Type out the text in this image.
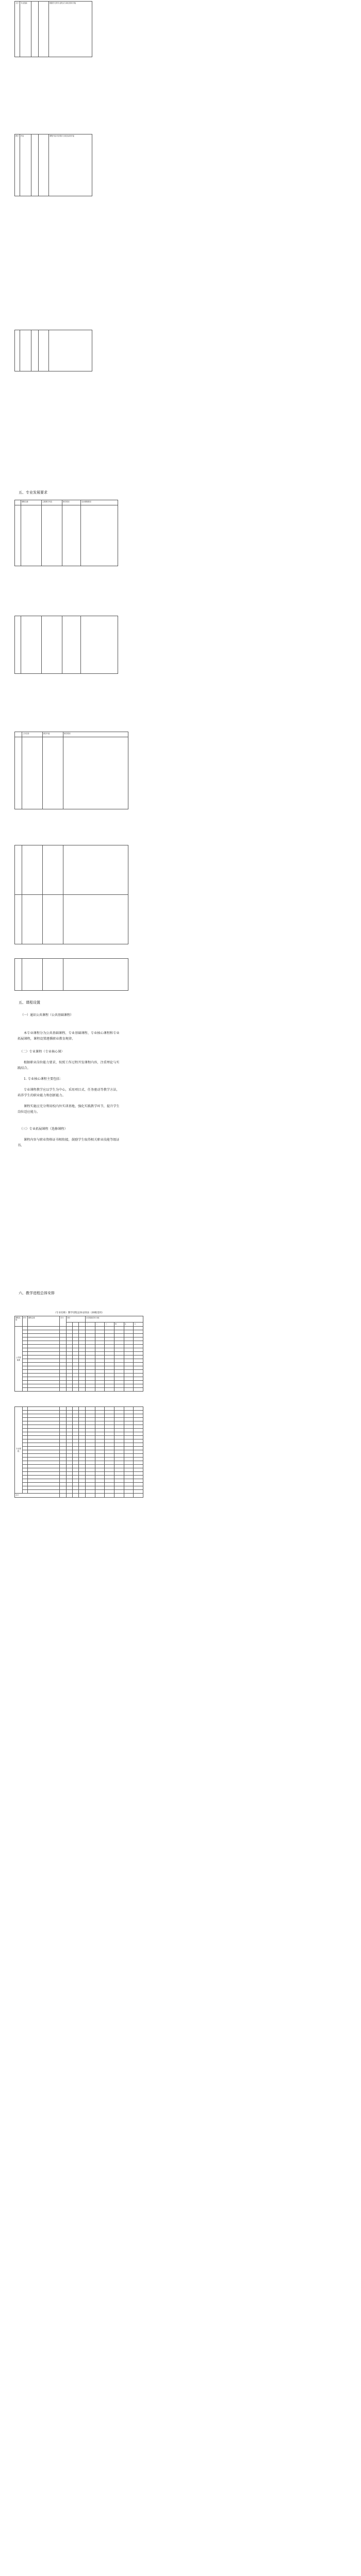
文字	专业技能			根据学生的专业特点与岗位需求对接
教学	内容			课程内容对应要求与岗位标准对接

五、专业发展要求
	课程名称	主要教学内容	教学要求	实训课程要求

	工作任务	教学内容	教学要求

五、课程设置
（一）通识公共课程（公共基础课程）

本专业课程分为公共基础课程、专业基础课程、专业核心课程和专业拓展课程，课程设置遵循职业教育规律。

（二）专业课程（专业核心课）

根据职业岗位能力要求，按照工作过程开发课程内容，注重理论与实践结合。

1. 专业核心课程主要包括：

专业课程教学应以学生为中心，采用项目式、任务驱动等教学方法，培养学生的职业能力和创新能力。

课程实施应充分利用校内外实训基地，强化实践教学环节，提升学生岗位适应能力。

（三）专业拓展课程（选修课程）

课程内容与职业资格证书相衔接，鼓励学生取得相关职业技能等级证书。

六、教学进程总体安排
（专业名称）教学进程总体安排表（20级适用）
课程类别	序号	课程名称	学分	学时			各学期周学时分配					
							一	二	三	四	五	六
公共基础课												

专业课程												

合计												
